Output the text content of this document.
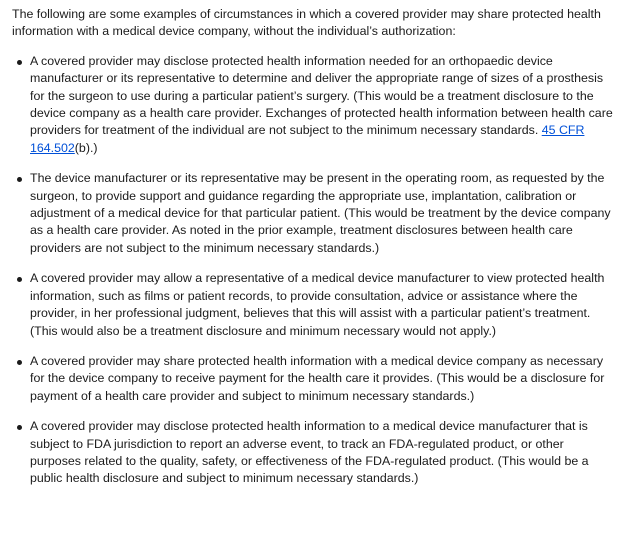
The following are some examples of circumstances in which a covered provider may share protected health information with a medical device company, without the individual’s authorization:

A covered provider may disclose protected health information needed for an orthopaedic device manufacturer or its representative to determine and deliver the appropriate range of sizes of a prosthesis for the surgeon to use during a particular patient’s surgery. (This would be a treatment disclosure to the device company as a health care provider. Exchanges of protected health information between health care providers for treatment of the individual are not subject to the minimum necessary standards. 45 CFR 164.502(b).)
The device manufacturer or its representative may be present in the operating room, as requested by the surgeon, to provide support and guidance regarding the appropriate use, implantation, calibration or adjustment of a medical device for that particular patient. (This would be treatment by the device company as a health care provider. As noted in the prior example, treatment disclosures between health care providers are not subject to the minimum necessary standards.)
A covered provider may allow a representative of a medical device manufacturer to view protected health information, such as films or patient records, to provide consultation, advice or assistance where the provider, in her professional judgment, believes that this will assist with a particular patient’s treatment. (This would also be a treatment disclosure and minimum necessary would not apply.)
A covered provider may share protected health information with a medical device company as necessary for the device company to receive payment for the health care it provides. (This would be a disclosure for payment of a health care provider and subject to minimum necessary standards.)
A covered provider may disclose protected health information to a medical device manufacturer that is subject to FDA jurisdiction to report an adverse event, to track an FDA-regulated product, or other purposes related to the quality, safety, or effectiveness of the FDA-regulated product. (This would be a public health disclosure and subject to minimum necessary standards.)
